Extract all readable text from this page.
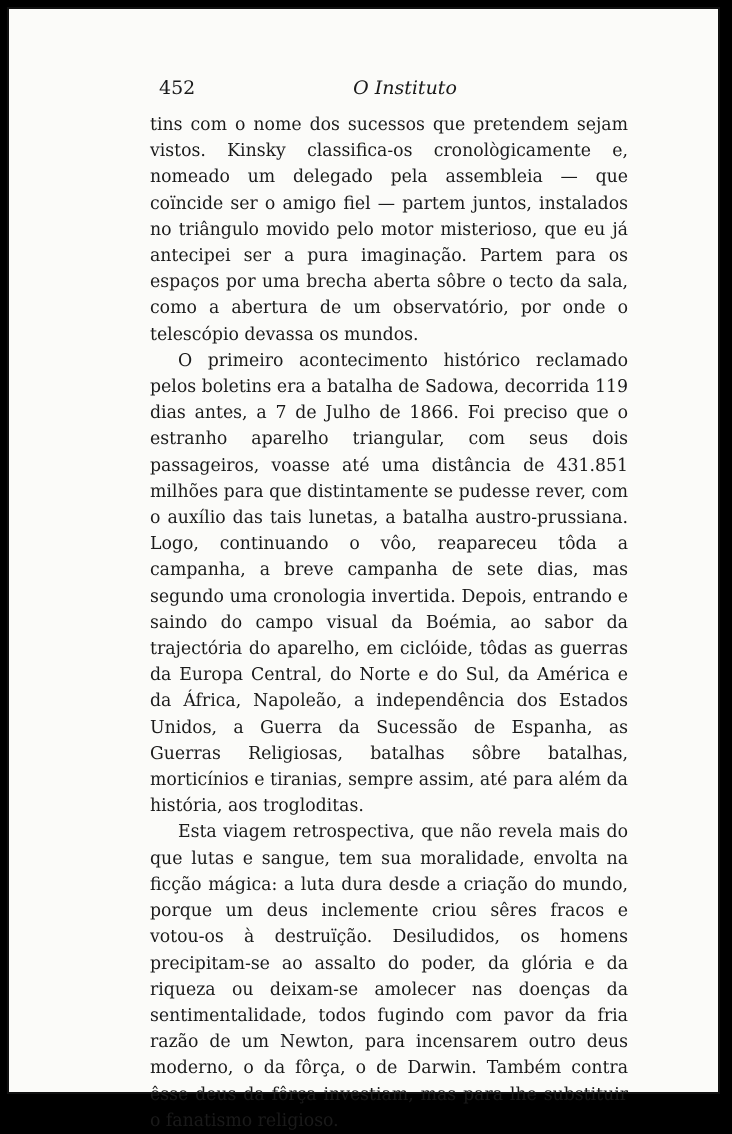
452	O Instituto

tins com o nome dos sucessos que pretendem sejam vistos. Kinsky classifica-os cronològicamente e, nomeado um delegado pela assembleia — que coïncide ser o amigo fiel — partem juntos, instalados no triângulo movido pelo motor misterioso, que eu já antecipei ser a pura imaginação. Partem para os espaços por uma brecha aberta sôbre o tecto da sala, como a abertura de um observatório, por onde o telescópio devassa os mundos.

O primeiro acontecimento histórico reclamado pelos boletins era a batalha de Sadowa, decorrida 119 dias antes, a 7 de Julho de 1866. Foi preciso que o estranho aparelho triangular, com seus dois passageiros, voasse até uma distância de 431.851 milhões para que distintamente se pudesse rever, com o auxílio das tais lunetas, a batalha austro-prussiana. Logo, continuando o vôo, reapareceu tôda a campanha, a breve campanha de sete dias, mas segundo uma cronologia invertida. Depois, entrando e saindo do campo visual da Boémia, ao sabor da trajectória do aparelho, em ciclóide, tôdas as guerras da Europa Central, do Norte e do Sul, da América e da África, Napoleão, a independência dos Estados Unidos, a Guerra da Sucessão de Espanha, as Guerras Religiosas, batalhas sôbre batalhas, morticínios e tiranias, sempre assim, até para além da história, aos trogloditas.

Esta viagem retrospectiva, que não revela mais do que lutas e sangue, tem sua moralidade, envolta na ficção mágica: a luta dura desde a criação do mundo, porque um deus inclemente criou sêres fracos e votou-os à destruïção. Desiludidos, os homens precipitam-se ao assalto do poder, da glória e da riqueza ou deixam-se amolecer nas doenças da sentimentalidade, todos fugindo com pavor da fria razão de um Newton, para incensarem outro deus moderno, o da fôrça, o de Darwin. Também contra êsse deus da fôrça investiam, mas para lhe substituir o fanatismo religioso.
